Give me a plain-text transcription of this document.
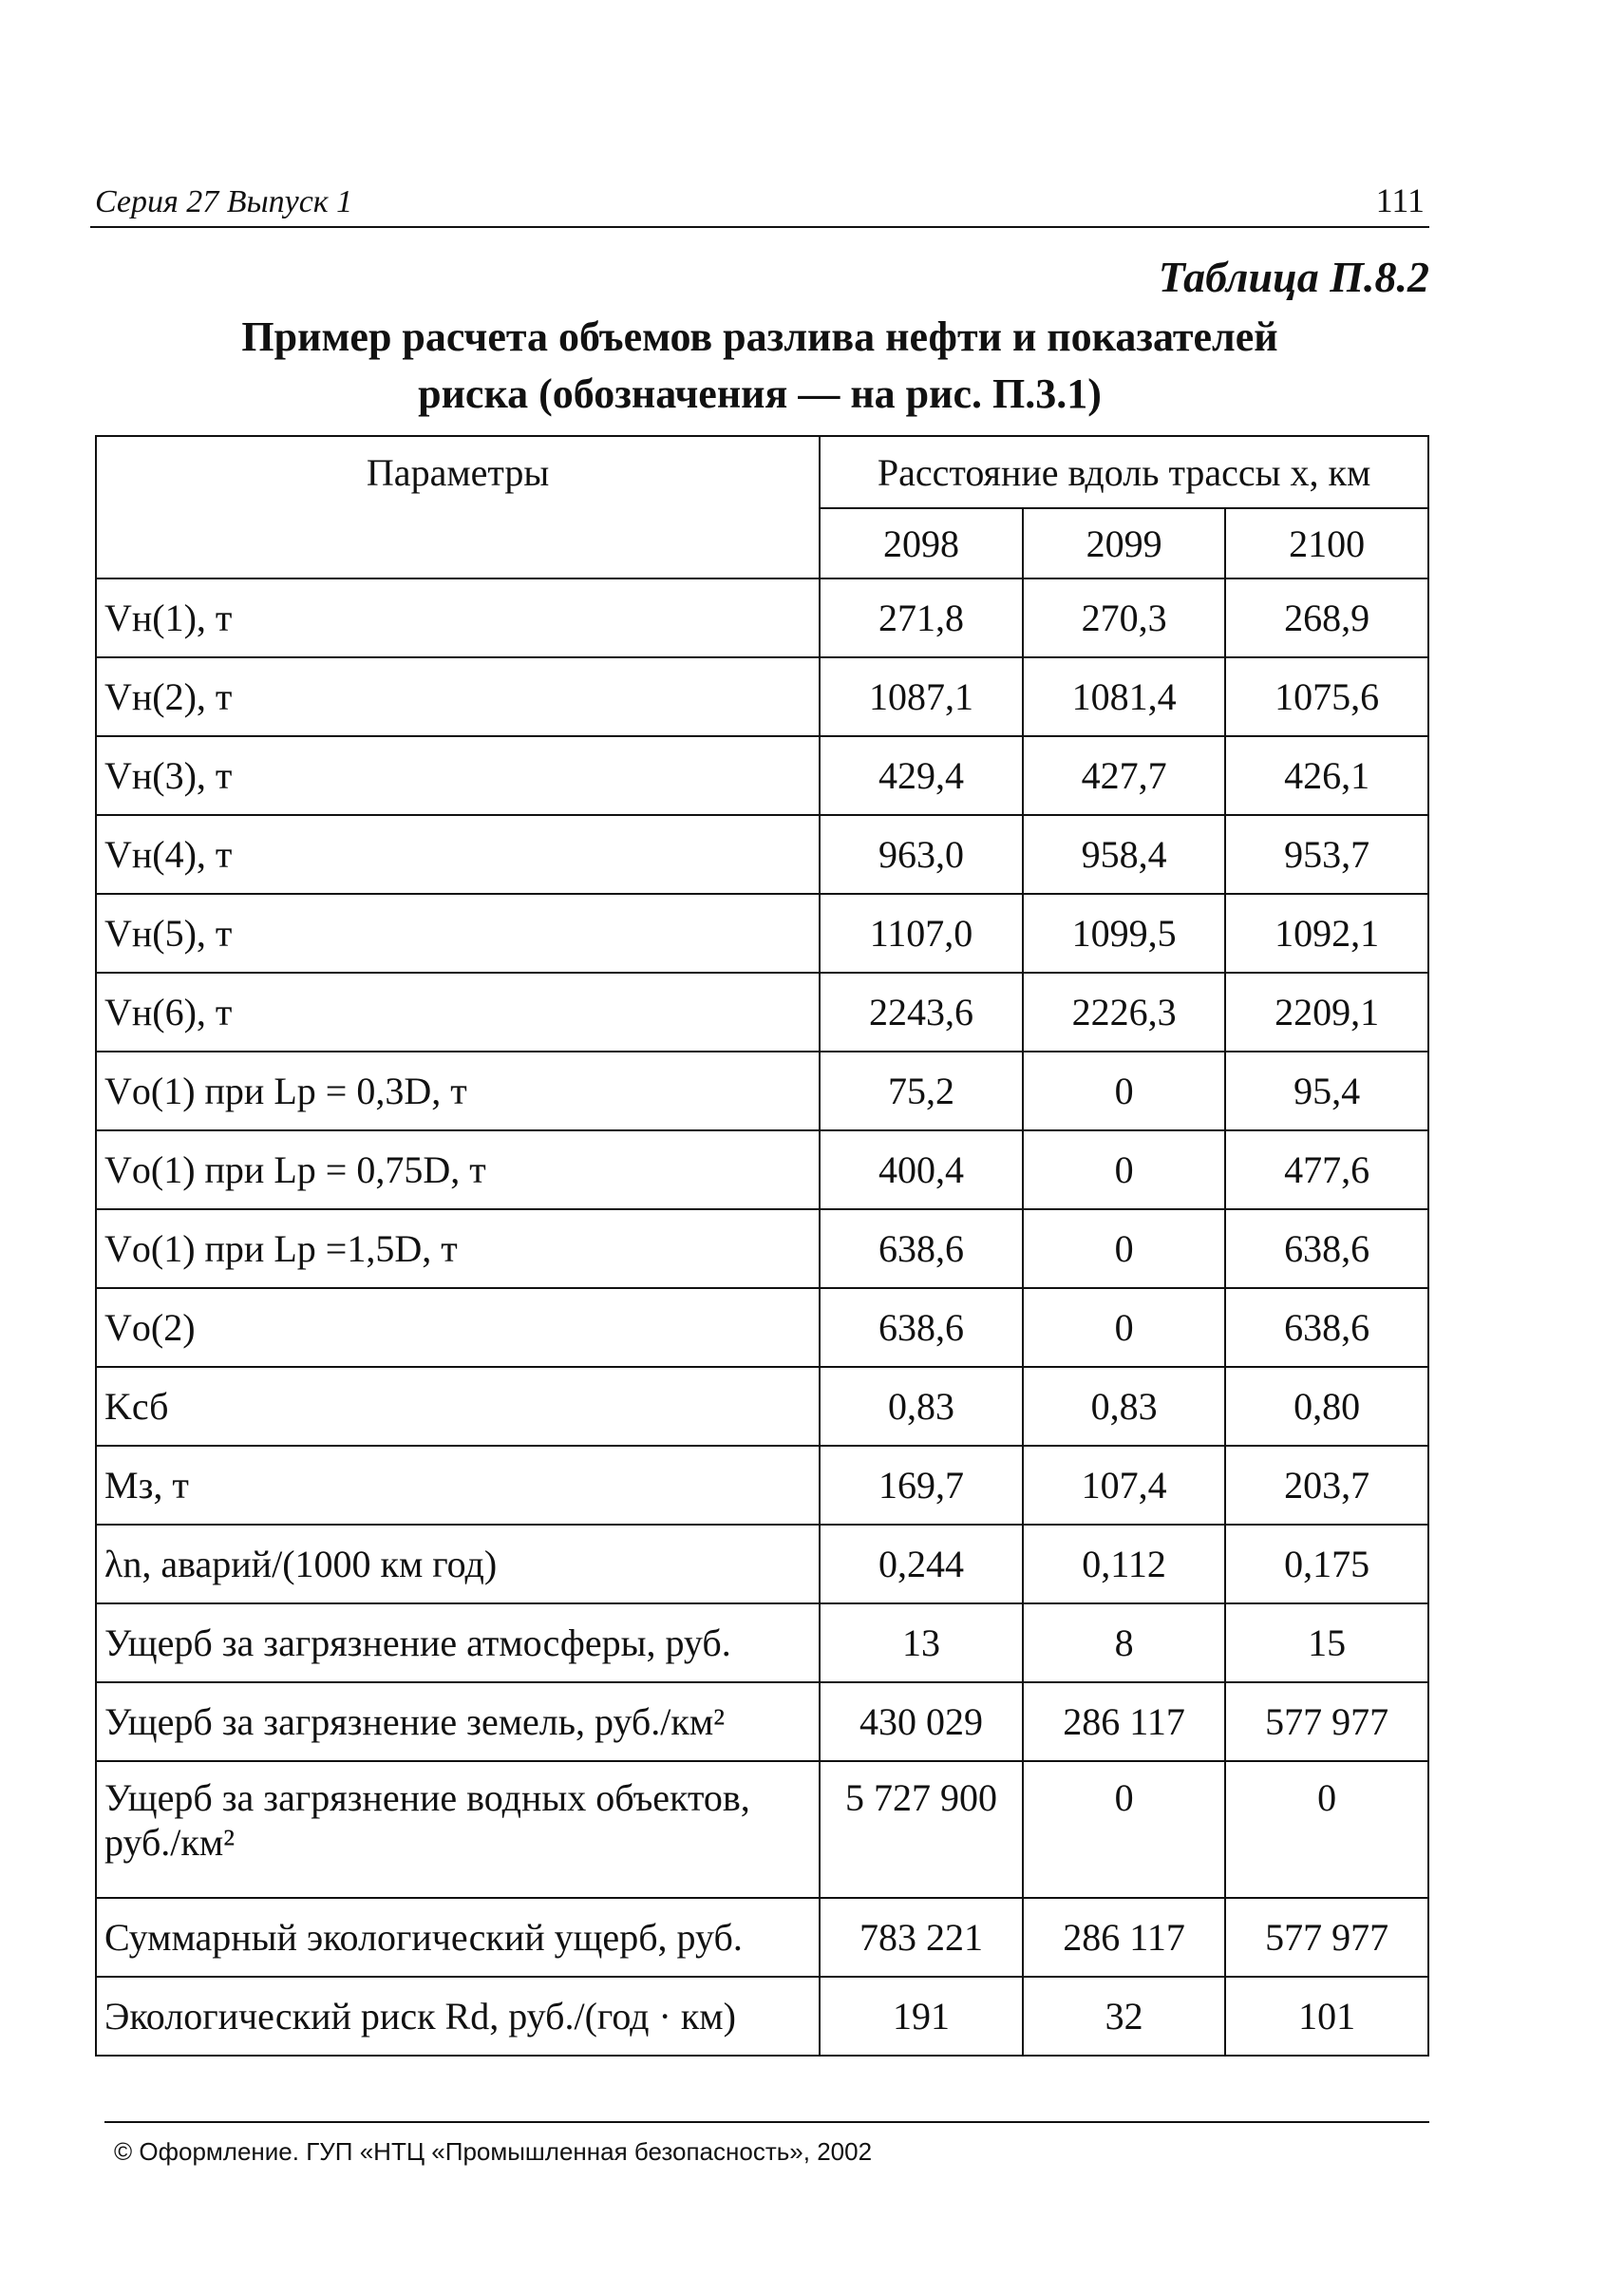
Серия 27 Выпуск 1	111
Таблица П.8.2
Пример расчета объемов разлива нефти и показателей риска (обозначения — на рис. П.3.1)
Параметры	Расстояние вдоль трассы x, км		
	2098	2099	2100
Vн(1), т	271,8	270,3	268,9
Vн(2), т	1087,1	1081,4	1075,6
Vн(3), т	429,4	427,7	426,1
Vн(4), т	963,0	958,4	953,7
Vн(5), т	1107,0	1099,5	1092,1
Vн(6), т	2243,6	2226,3	2209,1
Vо(1) при Lр = 0,3D, т	75,2	0	95,4
Vо(1) при Lр = 0,75D, т	400,4	0	477,6
Vо(1) при Lр =1,5D, т	638,6	0	638,6
Vо(2)	638,6	0	638,6
Kсб	0,83	0,83	0,80
Mз, т	169,7	107,4	203,7
λn, аварий/(1000 км год)	0,244	0,112	0,175
Ущерб за загрязнение атмосферы, руб.	13	8	15
Ущерб за загрязнение земель, руб./км²	430 029	286 117	577 977
Ущерб за загрязнение водных объектов, руб./км²	5 727 900	0	0
Суммарный экологический ущерб, руб.	783 221	286 117	577 977
Экологический риск Rd, руб./(год · км)	191	32	101
© Оформление. ГУП «НТЦ «Промышленная безопасность», 2002
